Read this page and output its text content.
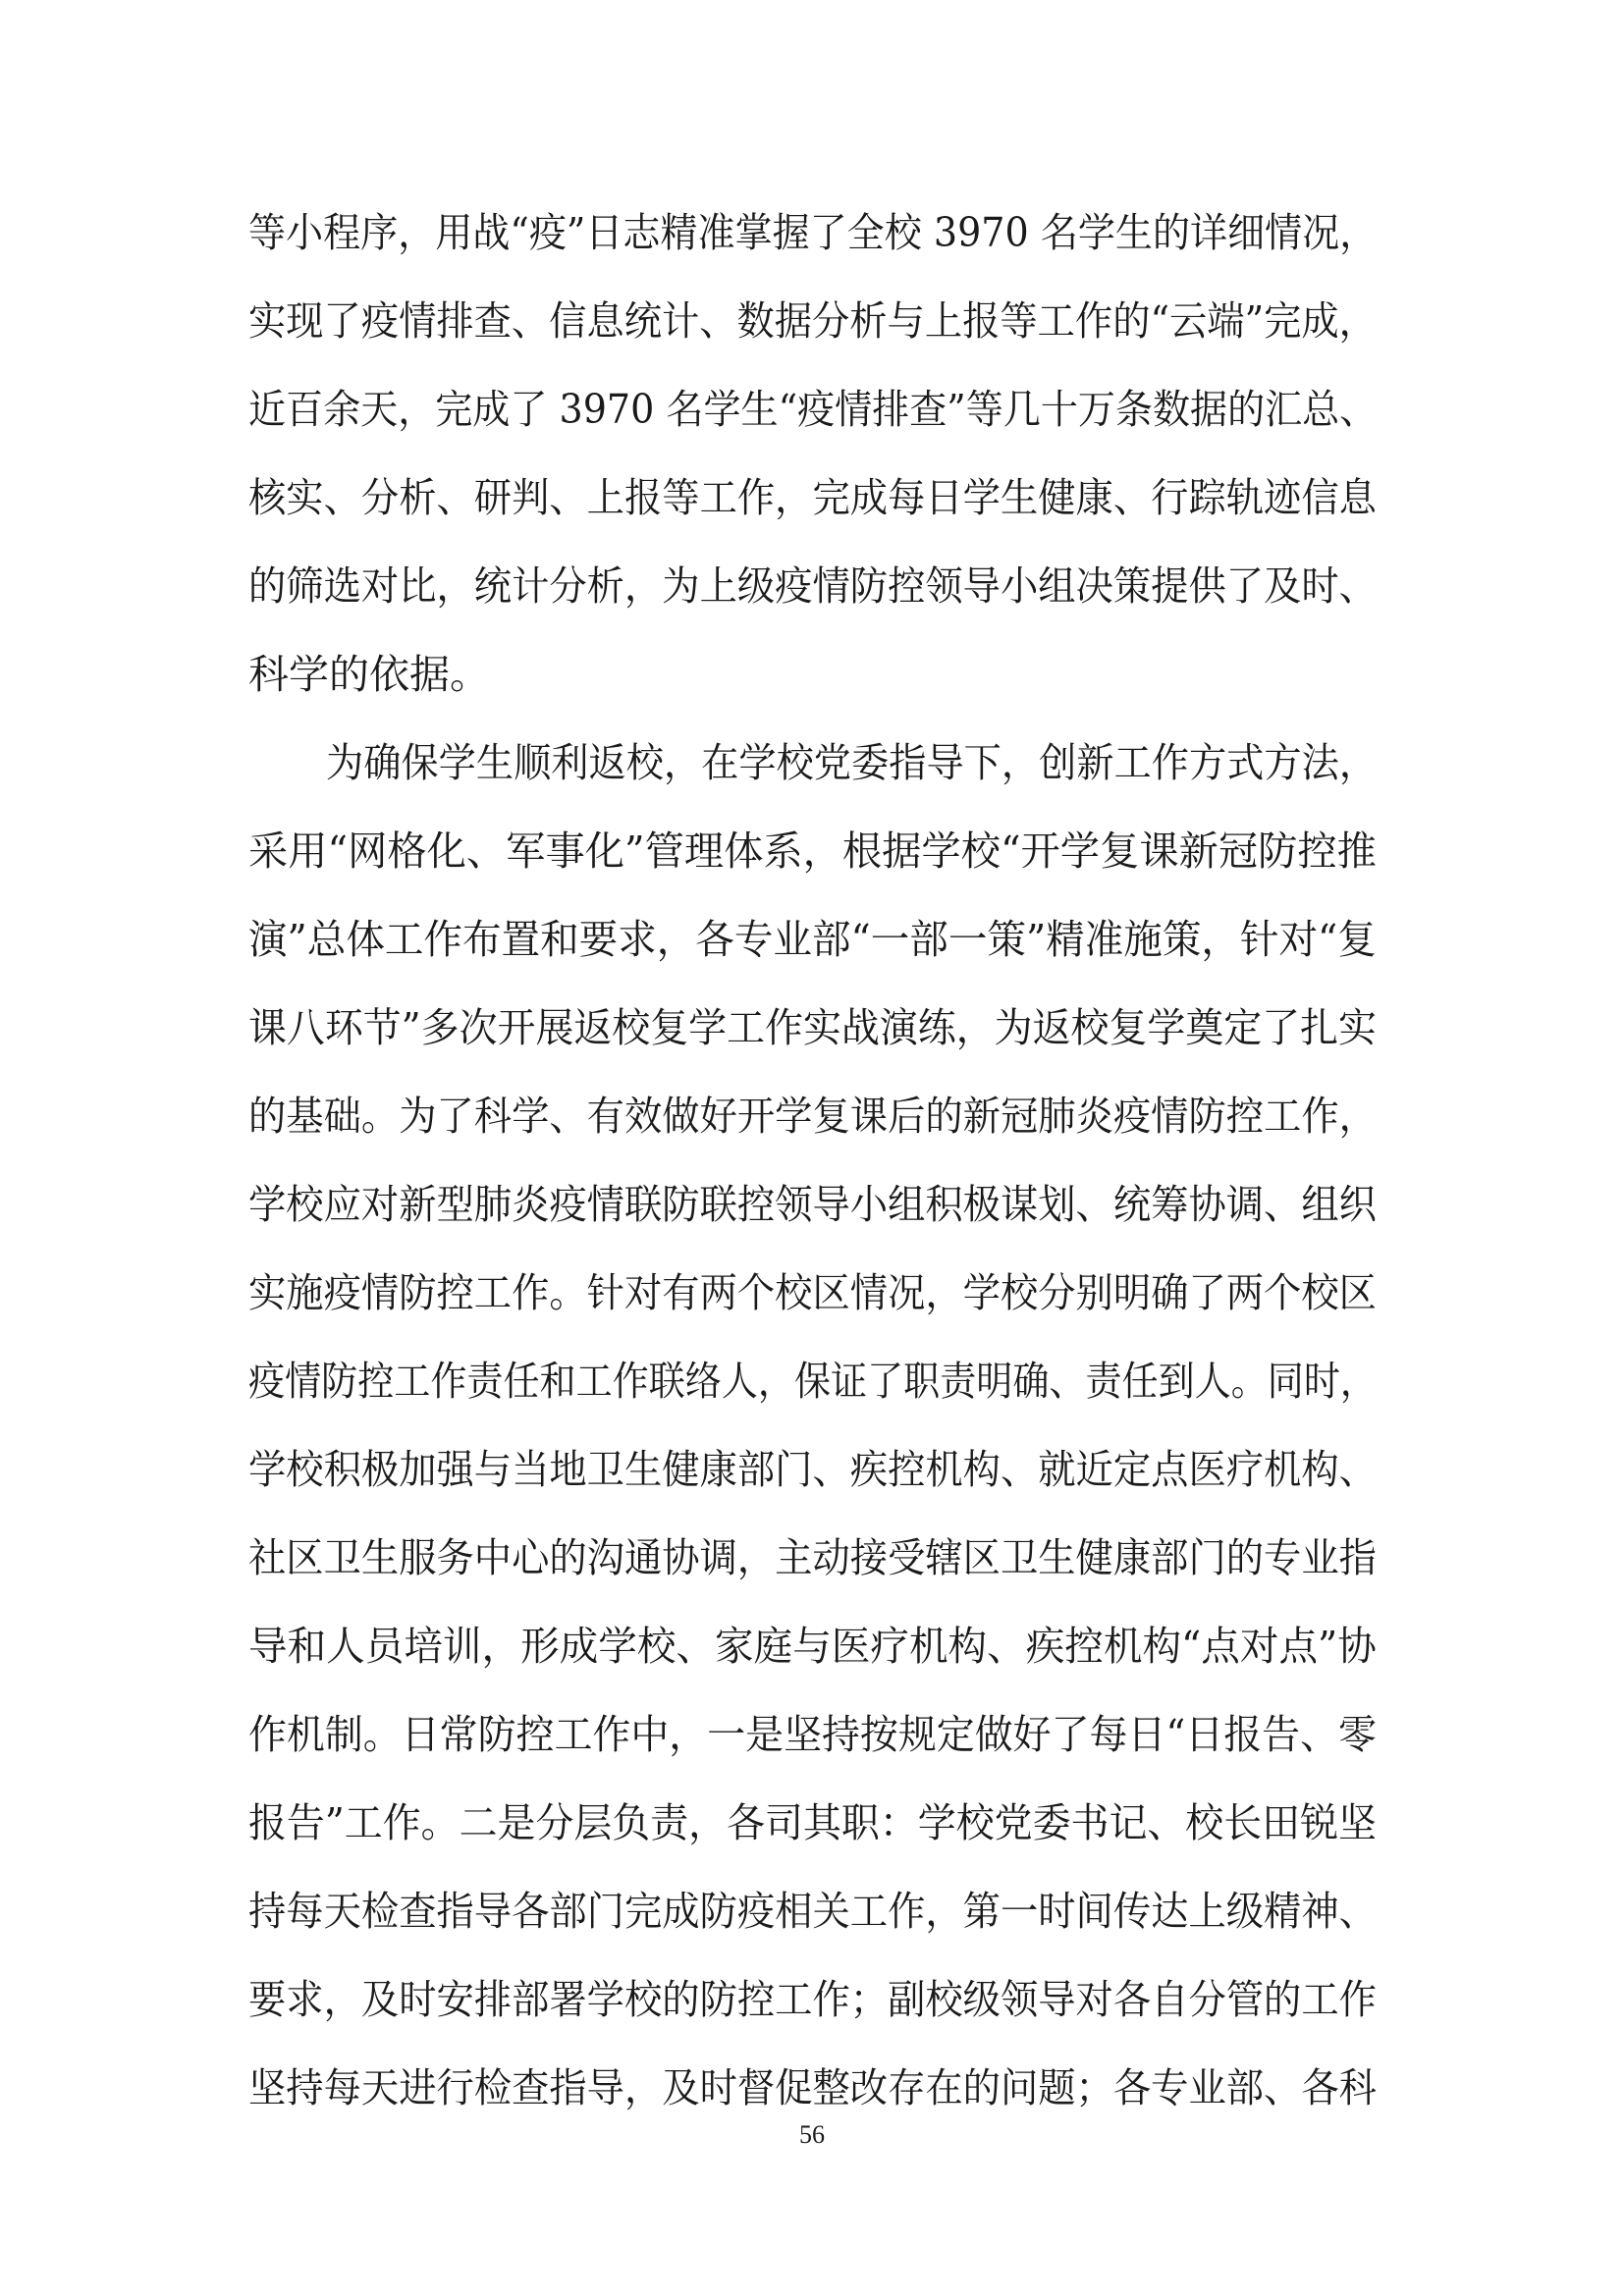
等小程序，用战“疫”日志精准掌握了全校 3970 名学生的详细情况，
实现了疫情排查、信息统计、数据分析与上报等工作的“云端”完成，
近百余天，完成了 3970 名学生“疫情排查”等几十万条数据的汇总、
核实、分析、研判、上报等工作，完成每日学生健康、行踪轨迹信息
的筛选对比，统计分析，为上级疫情防控领导小组决策提供了及时、
科学的依据。
为确保学生顺利返校，在学校党委指导下，创新工作方式方法，
采用“网格化、军事化”管理体系，根据学校“开学复课新冠防控推
演”总体工作布置和要求，各专业部“一部一策”精准施策，针对“复
课八环节”多次开展返校复学工作实战演练，为返校复学奠定了扎实
的基础。为了科学、有效做好开学复课后的新冠肺炎疫情防控工作，
学校应对新型肺炎疫情联防联控领导小组积极谋划、统筹协调、组织
实施疫情防控工作。针对有两个校区情况，学校分别明确了两个校区
疫情防控工作责任和工作联络人，保证了职责明确、责任到人。同时，
学校积极加强与当地卫生健康部门、疾控机构、就近定点医疗机构、
社区卫生服务中心的沟通协调，主动接受辖区卫生健康部门的专业指
导和人员培训，形成学校、家庭与医疗机构、疾控机构“点对点”协
作机制。日常防控工作中，一是坚持按规定做好了每日“日报告、零
报告”工作。二是分层负责，各司其职：学校党委书记、校长田锐坚
持每天检查指导各部门完成防疫相关工作，第一时间传达上级精神、
要求，及时安排部署学校的防控工作；副校级领导对各自分管的工作
坚持每天进行检查指导，及时督促整改存在的问题；各专业部、各科
56
